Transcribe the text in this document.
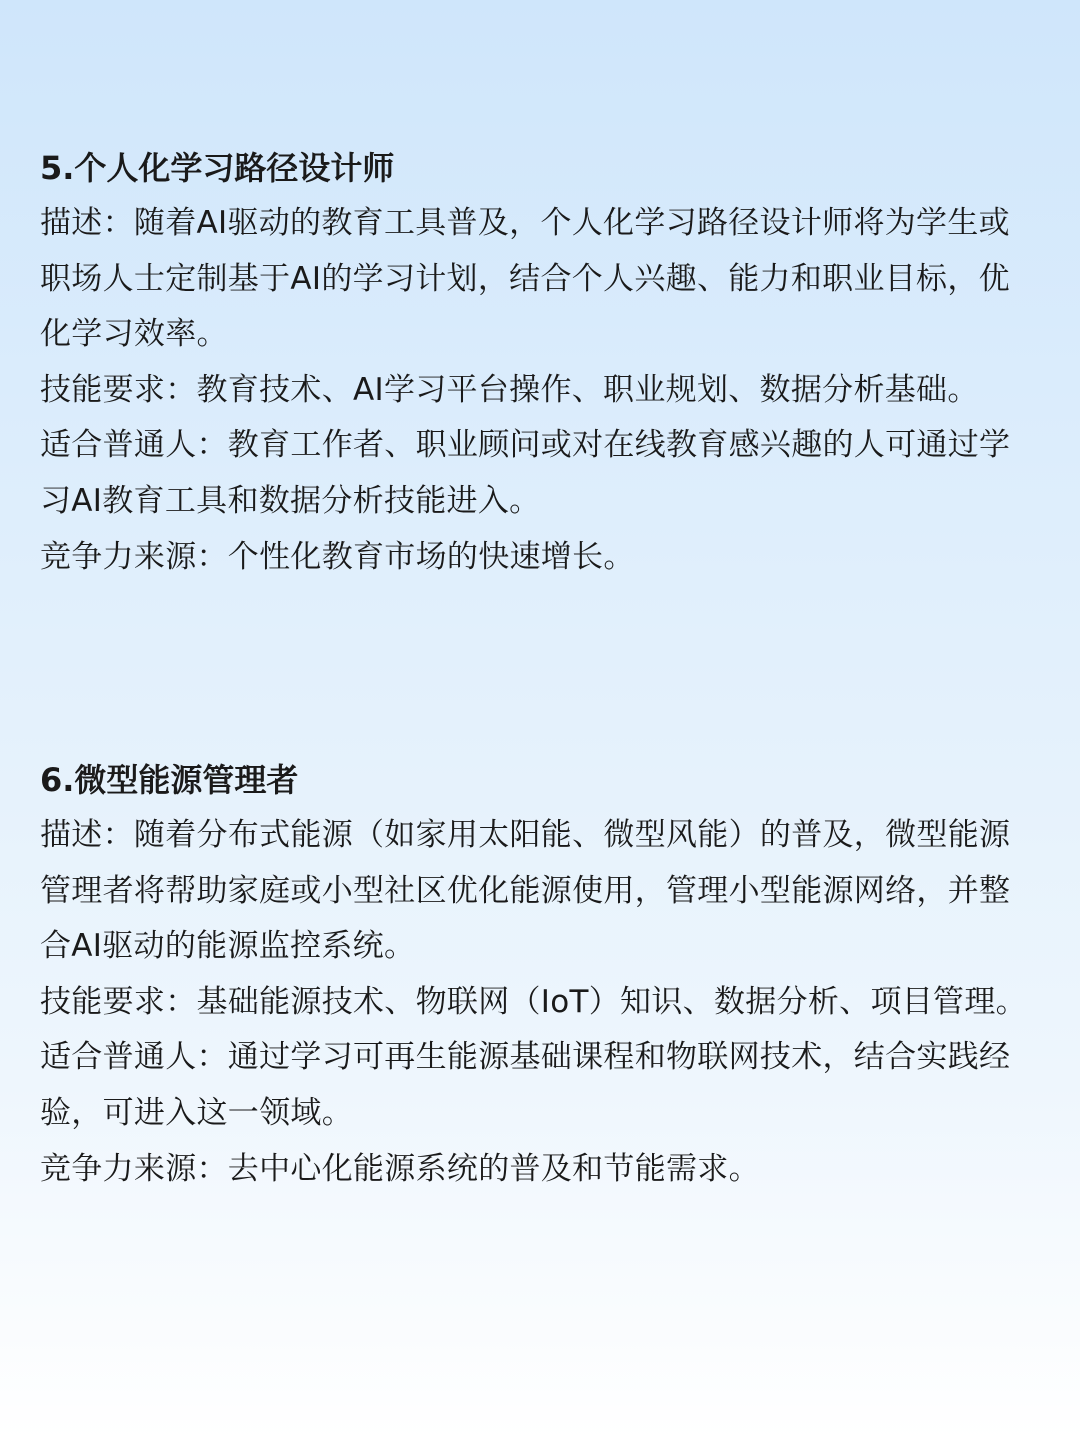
5.个人化学习路径设计师

描述：随着AI驱动的教育工具普及，个人化学习路径设计师将为学生或职场人士定制基于AI的学习计划，结合个人兴趣、能力和职业目标，优化学习效率。

技能要求：教育技术、AI学习平台操作、职业规划、数据分析基础。

适合普通人：教育工作者、职业顾问或对在线教育感兴趣的人可通过学习AI教育工具和数据分析技能进入。

竞争力来源：个性化教育市场的快速增长。

6.微型能源管理者

描述：随着分布式能源（如家用太阳能、微型风能）的普及，微型能源管理者将帮助家庭或小型社区优化能源使用，管理小型能源网络，并整合AI驱动的能源监控系统。

技能要求：基础能源技术、物联网（IoT）知识、数据分析、项目管理。

适合普通人：通过学习可再生能源基础课程和物联网技术，结合实践经验，可进入这一领域。

竞争力来源：去中心化能源系统的普及和节能需求。
